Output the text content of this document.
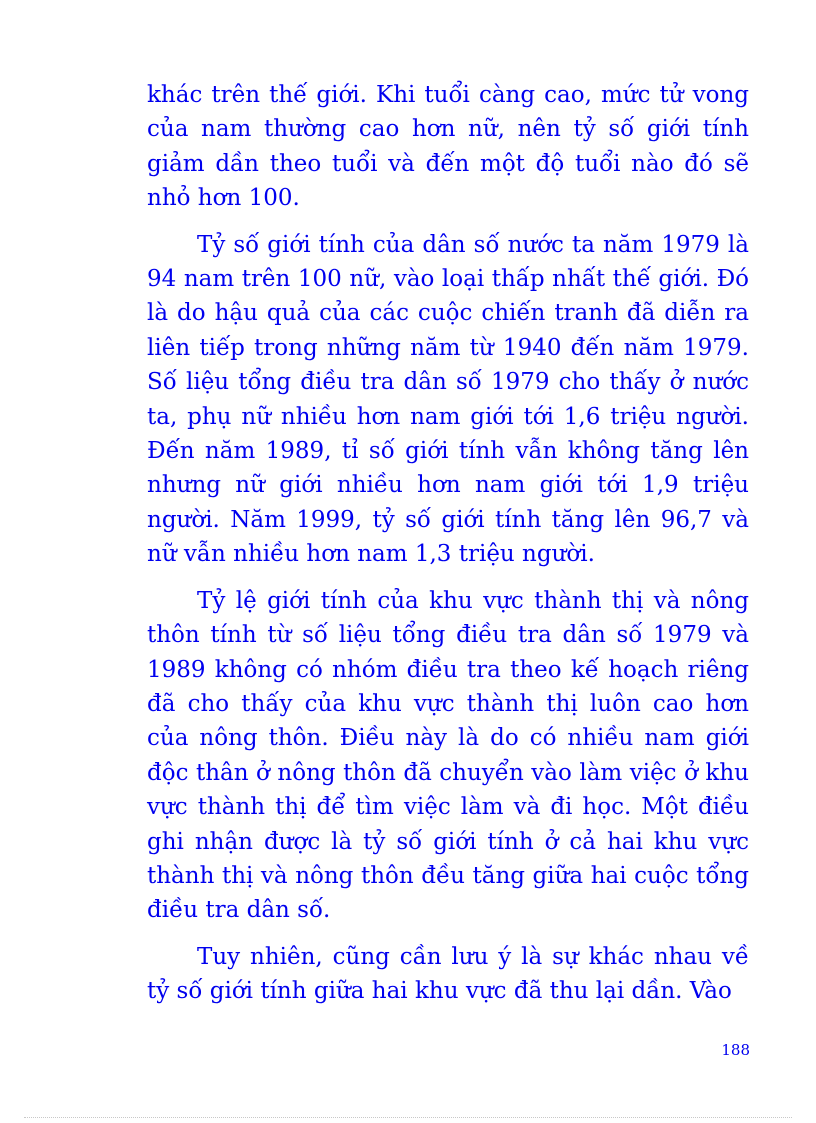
khác trên thế giới. Khi tuổi càng cao, mức tử vong của nam thường cao hơn nữ, nên tỷ số giới tính giảm dần theo tuổi và đến một độ tuổi nào đó sẽ nhỏ hơn 100.

Tỷ số giới tính của dân số nước ta năm 1979 là 94 nam trên 100 nữ, vào loại thấp nhất thế giới. Đó là do hậu quả của các cuộc chiến tranh đã diễn ra liên tiếp trong những năm từ 1940 đến năm 1979. Số liệu tổng điều tra dân số 1979 cho thấy ở nước ta, phụ nữ nhiều hơn nam giới tới 1,6 triệu người. Đến năm 1989, tỉ số giới tính vẫn không tăng lên nhưng nữ giới nhiều hơn nam giới tới 1,9 triệu người. Năm 1999, tỷ số giới tính tăng lên 96,7 và nữ vẫn nhiều hơn nam 1,3 triệu người.

Tỷ lệ giới tính của khu vực thành thị và nông thôn tính từ số liệu tổng điều tra dân số 1979 và 1989 không có nhóm điều tra theo kế hoạch riêng đã cho thấy của khu vực thành thị luôn cao hơn của nông thôn. Điều này là do có nhiều nam giới độc thân ở nông thôn đã chuyển vào làm việc ở khu vực thành thị để tìm việc làm và đi học. Một điều ghi nhận được là tỷ số giới tính ở cả hai khu vực thành thị và nông thôn đều tăng giữa hai cuộc tổng điều tra dân số.

Tuy nhiên, cũng cần lưu ý là sự khác nhau về tỷ số giới tính giữa hai khu vực đã thu lại dần. Vào

188
